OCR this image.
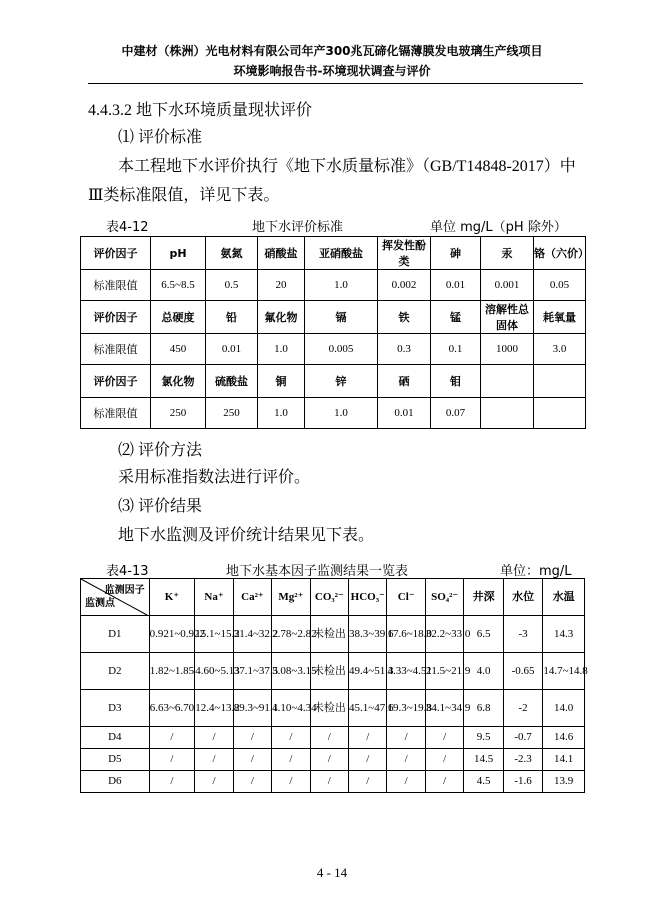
中建材（株洲）光电材料有限公司年产300兆瓦碲化镉薄膜发电玻璃生产线项目
环境影响报告书-环境现状调查与评价
4.4.3.2 地下水环境质量现状评价
⑴ 评价标准
本工程地下水评价执行《地下水质量标准》（GB/T14848-2017）中
Ⅲ类标准限值，详见下表。
表4-12	地下水评价标准	单位 mg/L（pH 除外）
评价因子	pH	氨氮	硝酸盐	亚硝酸盐	挥发性酚类	砷	汞	铬（六价）
标准限值	6.5~8.5	0.5	20	1.0	0.002	0.01	0.001	0.05
评价因子	总硬度	铅	氟化物	镉	铁	锰	溶解性总固体	耗氧量
标准限值	450	0.01	1.0	0.005	0.3	0.1	1000	3.0
评价因子	氯化物	硫酸盐	铜	锌	硒	钼		
标准限值	250	250	1.0	1.0	0.01	0.07		
⑵ 评价方法
采用标准指数法进行评价。
⑶ 评价结果
地下水监测及评价统计结果见下表。
表4-13	地下水基本因子监测结果一览表	单位：mg/L
监测因子
监测点	K⁺	Na⁺	Ca²⁺	Mg²⁺	CO₃²⁻	HCO₃⁻	Cl⁻	SO₄²⁻	井深	水位	水温
D1	0.921~0.922	15.1~15.2	31.4~32.2	2.78~2.82	未检出	38.3~39.6	17.6~18.0	32.2~33.0	6.5	-3	14.3
D2	1.82~1.85	4.60~5.13	37.1~37.5	3.08~3.15	未检出	49.4~51.3	4.33~4.51	21.5~21.9	4.0	-0.65	14.7~14.8
D3	6.63~6.70	12.4~13.2	89.3~91.1	4.10~4.34	未检出	45.1~47.6	19.3~19.8	34.1~34.9	6.8	-2	14.0
D4	/	/	/	/	/	/	/	/	9.5	-0.7	14.6
D5	/	/	/	/	/	/	/	/	14.5	-2.3	14.1
D6	/	/	/	/	/	/	/	/	4.5	-1.6	13.9
4 - 14
